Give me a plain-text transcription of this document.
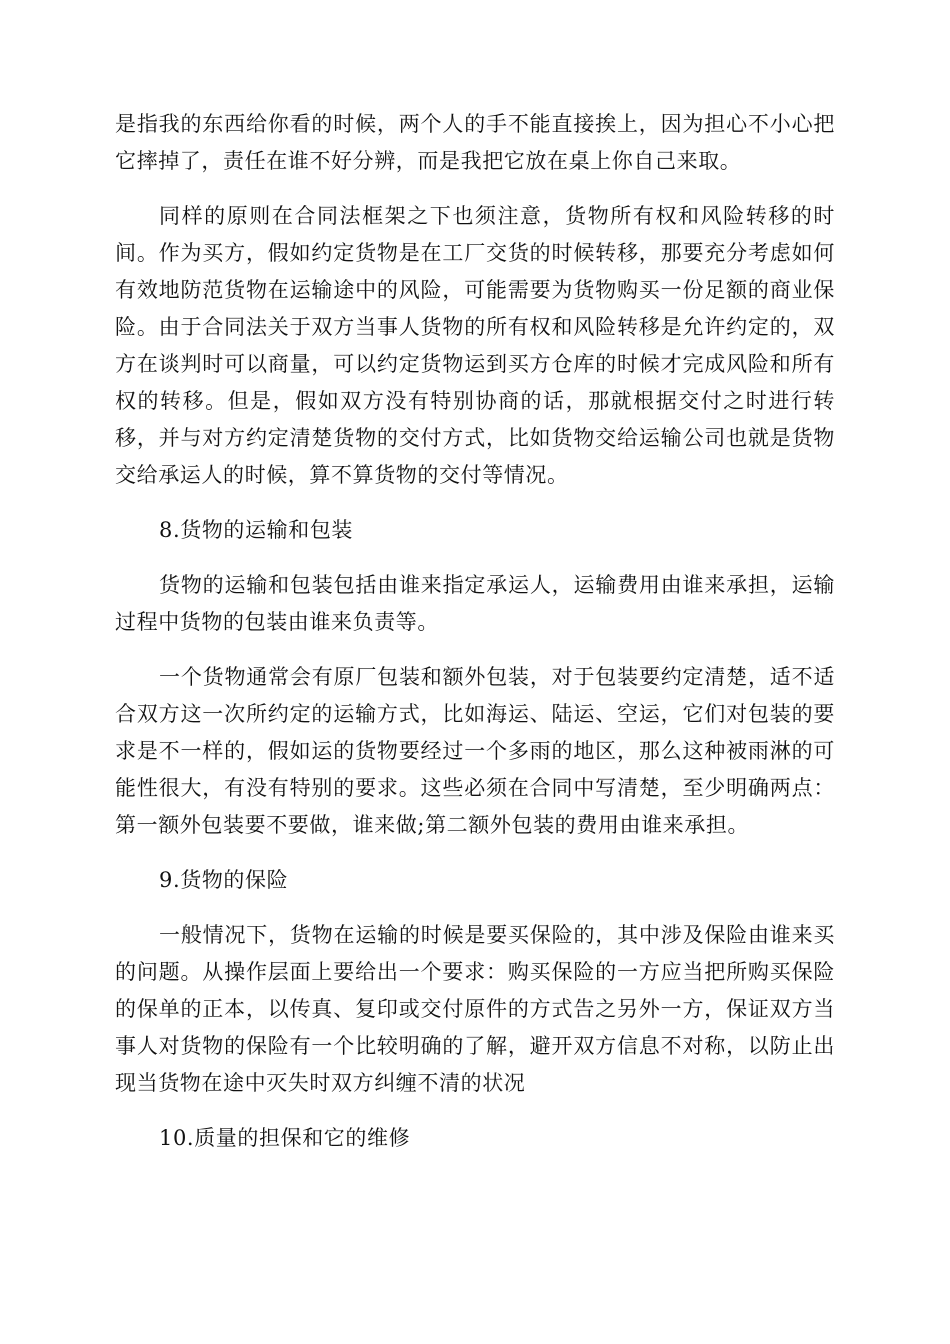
是指我的东西给你看的时候，两个人的手不能直接挨上，因为担心不小心把它摔掉了，责任在谁不好分辨，而是我把它放在桌上你自己来取。

同样的原则在合同法框架之下也须注意，货物所有权和风险转移的时间。作为买方，假如约定货物是在工厂交货的时候转移，那要充分考虑如何有效地防范货物在运输途中的风险，可能需要为货物购买一份足额的商业保险。由于合同法关于双方当事人货物的所有权和风险转移是允许约定的，双方在谈判时可以商量，可以约定货物运到买方仓库的时候才完成风险和所有权的转移。但是，假如双方没有特别协商的话，那就根据交付之时进行转移，并与对方约定清楚货物的交付方式，比如货物交给运输公司也就是货物交给承运人的时候，算不算货物的交付等情况。

8.货物的运输和包装

货物的运输和包装包括由谁来指定承运人，运输费用由谁来承担，运输过程中货物的包装由谁来负责等。

一个货物通常会有原厂包装和额外包装，对于包装要约定清楚，适不适合双方这一次所约定的运输方式，比如海运、陆运、空运，它们对包装的要求是不一样的，假如运的货物要经过一个多雨的地区，那么这种被雨淋的可能性很大，有没有特别的要求。这些必须在合同中写清楚，至少明确两点：第一额外包装要不要做，谁来做;第二额外包装的费用由谁来承担。

9.货物的保险

一般情况下，货物在运输的时候是要买保险的，其中涉及保险由谁来买的问题。从操作层面上要给出一个要求：购买保险的一方应当把所购买保险的保单的正本，以传真、复印或交付原件的方式告之另外一方，保证双方当事人对货物的保险有一个比较明确的了解，避开双方信息不对称，以防止出现当货物在途中灭失时双方纠缠不清的状况

10.质量的担保和它的维修
